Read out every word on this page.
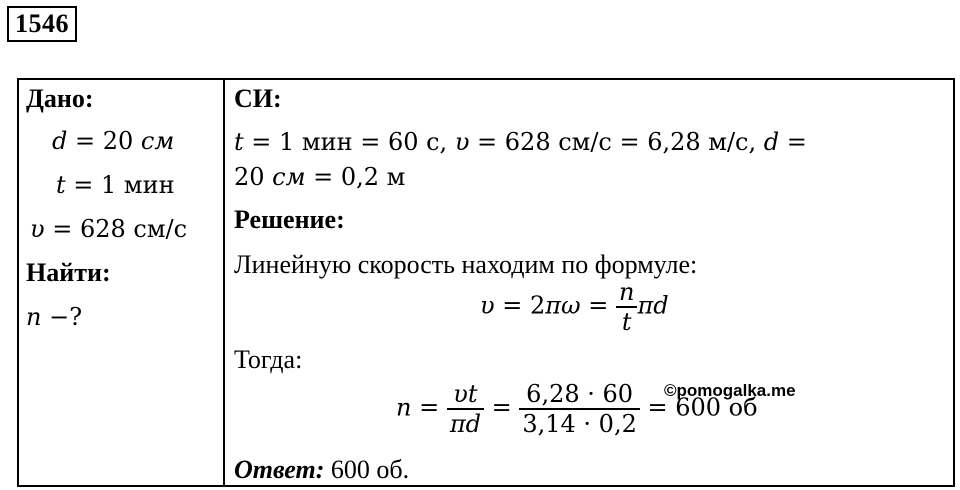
1546
Дано:
d = 20 см
t = 1 мин
υ = 628 см/с
Найти:
n −?
СИ:
t = 1 мин = 60 с, υ = 628 см/с = 6,28 м/с, d =
20 см = 0,2 м
Решение:
Линейную скорость находим по формуле:
$\upsilon = 2\pi\omega = \frac{n}{t}$ πd
Тогда:
$n = \frac{\upsilon t}{\pi d} = \frac{6,28 \cdot 60}{3,14 \cdot 0,2} = 600$ об
©pomogalka.me
Ответ: 600 об.
